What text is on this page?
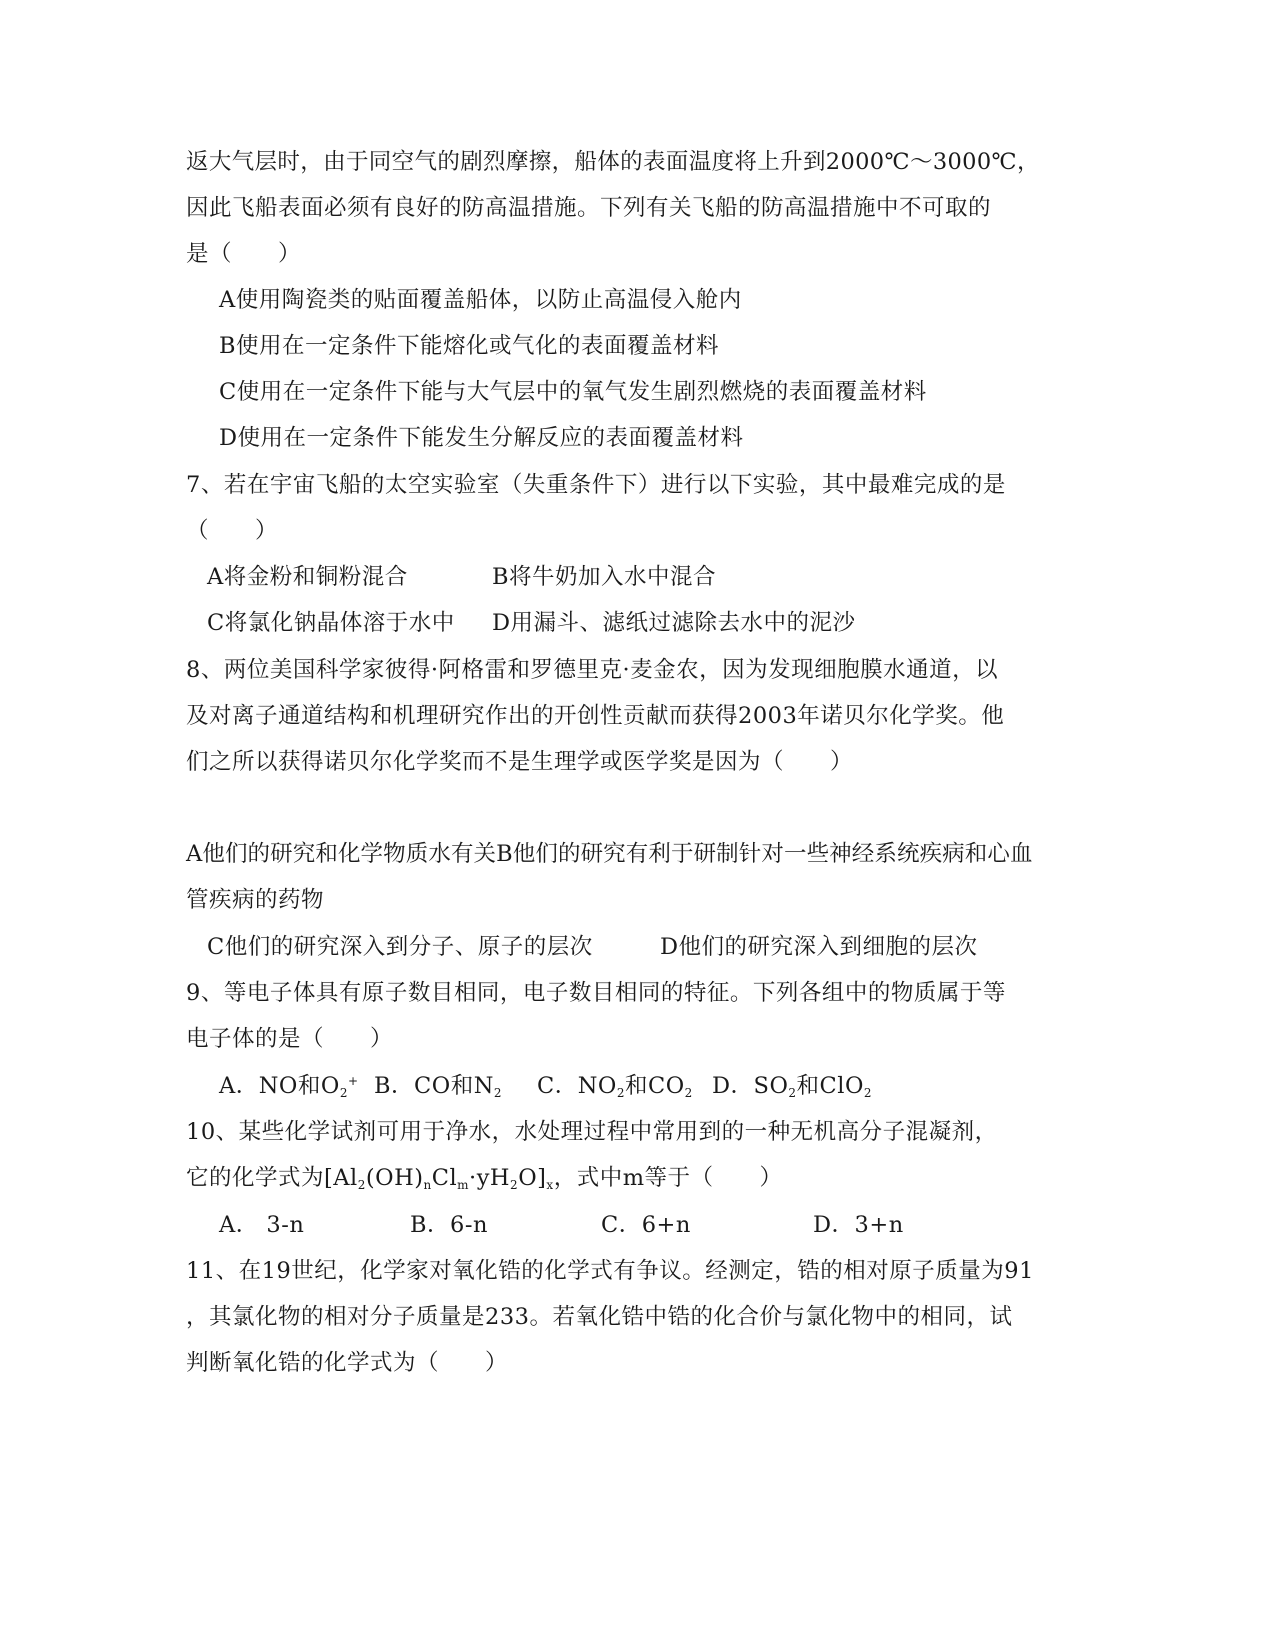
返大气层时，由于同空气的剧烈摩擦，船体的表面温度将上升到2000℃～3000℃，
因此飞船表面必须有良好的防高温措施。下列有关飞船的防高温措施中不可取的
是（　　）
A使用陶瓷类的贴面覆盖船体，以防止高温侵入舱内
B使用在一定条件下能熔化或气化的表面覆盖材料
C使用在一定条件下能与大气层中的氧气发生剧烈燃烧的表面覆盖材料
D使用在一定条件下能发生分解反应的表面覆盖材料
7、若在宇宙飞船的太空实验室（失重条件下）进行以下实验，其中最难完成的是
（　　）
A将金粉和铜粉混合	B将牛奶加入水中混合
C将氯化钠晶体溶于水中 D用漏斗、滤纸过滤除去水中的泥沙
8、两位美国科学家彼得·阿格雷和罗德里克·麦金农，因为发现细胞膜水通道，以
及对离子通道结构和机理研究作出的开创性贡献而获得2003年诺贝尔化学奖。他
们之所以获得诺贝尔化学奖而不是生理学或医学奖是因为（　　）
A他们的研究和化学物质水有关B他们的研究有利于研制针对一些神经系统疾病和心血
管疾病的药物
C他们的研究深入到分子、原子的层次	D他们的研究深入到细胞的层次
9、等电子体具有原子数目相同，电子数目相同的特征。下列各组中的物质属于等
电子体的是（　　）
A．NO和$O_2^+$ B．CO和$N_2$ C．$NO_2$和$CO_2$ D．$SO_2$和ClO$_2$
10、某些化学试剂可用于净水，水处理过程中常用到的一种无机高分子混凝剂，
它的化学式为$[Al_2(OH)_nCl_m\cdot yH_2O]_x$，式中m等于（　　）
A． 3-n	B．6-n	C．6+n	D．3+n
11、在19世纪，化学家对氧化锆的化学式有争议。经测定，锆的相对原子质量为91
，其氯化物的相对分子质量是233。若氧化锆中锆的化合价与氯化物中的相同，试
判断氧化锆的化学式为（　　）
